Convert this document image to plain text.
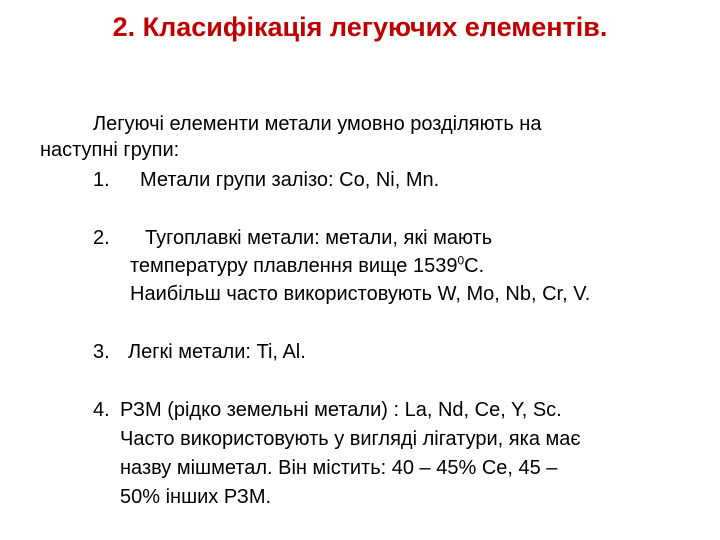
2. Класифікація легуючих елементів.
Легуючі елементи метали умовно розділяють на
наступні групи:
1. Метали групи залізо: Co, Ni, Mn.
2. Тугоплавкі метали: метали, які мають
температуру плавлення вище 1539$^0$C.
Наибільш часто використовують W, Mo, Nb, Cr, V.
3. Легкі метали: Ti, Al.
4. РЗМ (рідко земельні метали) : La, Nd, Ce, Y, Sc.
Часто використовують у вигляді лігатури, яка має
назву мішметал. Він містить: 40 – 45% Ce, 45 –
50% інших РЗМ.
